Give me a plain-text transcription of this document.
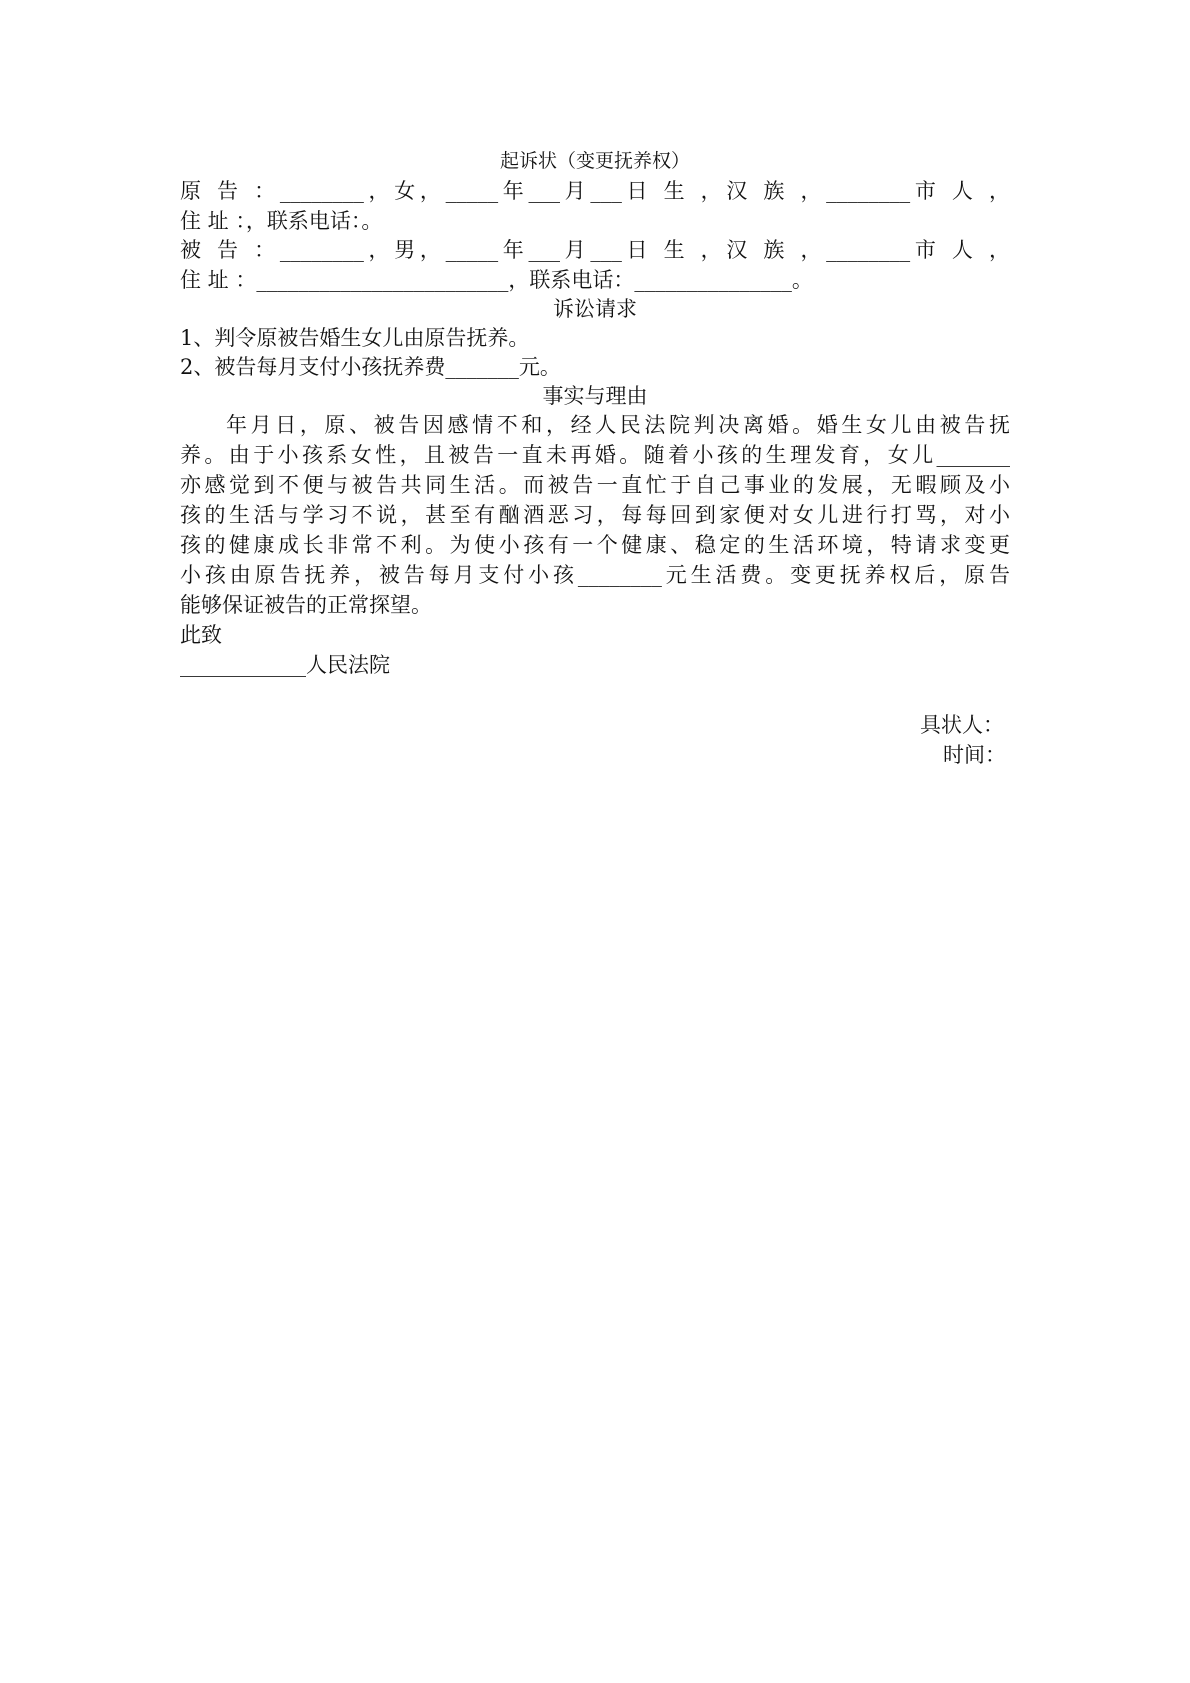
起诉状（变更抚养权）
原 告 ：________，女，_____年___月___日 生 ，汉 族 ，________市 人 ，
住 址 ：，联系电话：。
被 告 ：________，男，_____年___月___日 生 ，汉 族 ，________市 人 ，
住 址 ：________________________，联系电话：_______________。
诉讼请求
1、判令原被告婚生女儿由原告抚养。
2、被告每月支付小孩抚养费_______元。
事实与理由
年月日，原、被告因感情不和，经人民法院判决离婚。婚生女儿由被告抚
养。由于小孩系女性，且被告一直未再婚。随着小孩的生理发育，女儿_______
亦感觉到不便与被告共同生活。而被告一直忙于自己事业的发展，无暇顾及小
孩的生活与学习不说，甚至有酗酒恶习，每每回到家便对女儿进行打骂，对小
孩的健康成长非常不利。为使小孩有一个健康、稳定的生活环境，特请求变更
小孩由原告抚养，被告每月支付小孩________元生活费。变更抚养权后，原告
能够保证被告的正常探望。
此致
____________人民法院
具状人：
时间：
